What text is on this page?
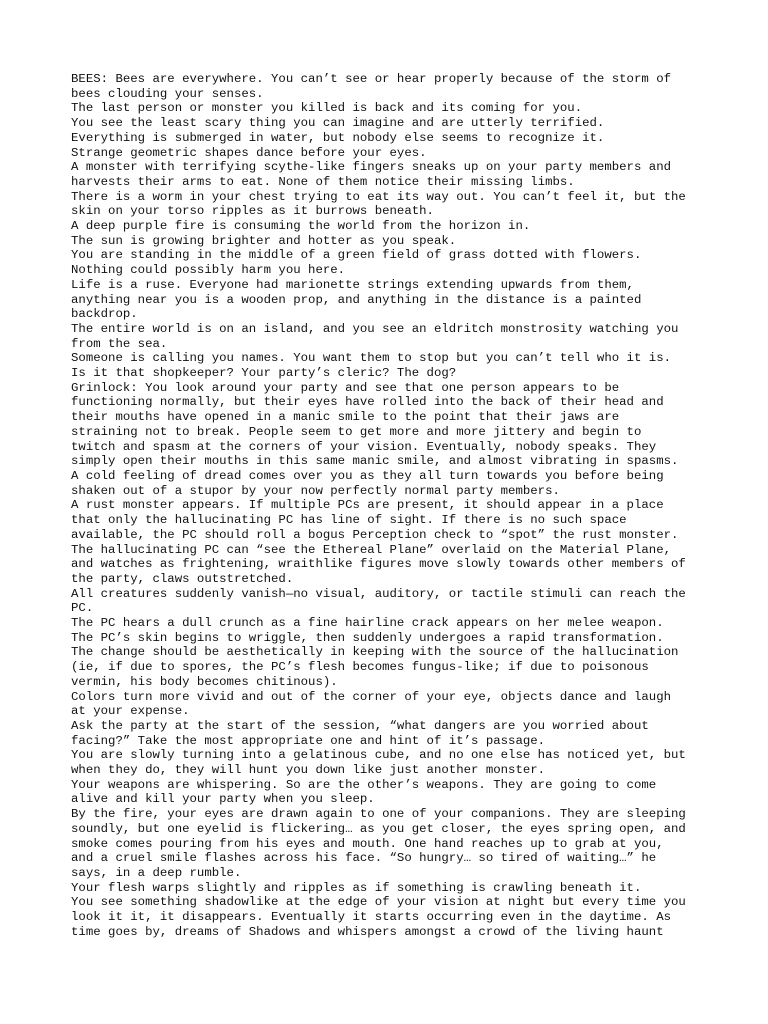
BEES: Bees are everywhere. You can’t see or hear properly because of the storm of
bees clouding your senses.

The last person or monster you killed is back and its coming for you.

You see the least scary thing you can imagine and are utterly terrified.

Everything is submerged in water, but nobody else seems to recognize it.

Strange geometric shapes dance before your eyes.

A monster with terrifying scythe-like fingers sneaks up on your party members and
harvests their arms to eat. None of them notice their missing limbs.

There is a worm in your chest trying to eat its way out. You can’t feel it, but the
skin on your torso ripples as it burrows beneath.

A deep purple fire is consuming the world from the horizon in.

The sun is growing brighter and hotter as you speak.

You are standing in the middle of a green field of grass dotted with flowers.
Nothing could possibly harm you here.

Life is a ruse. Everyone had marionette strings extending upwards from them,
anything near you is a wooden prop, and anything in the distance is a painted
backdrop.

The entire world is on an island, and you see an eldritch monstrosity watching you
from the sea.

Someone is calling you names. You want them to stop but you can’t tell who it is.
Is it that shopkeeper? Your party’s cleric? The dog?

Grinlock: You look around your party and see that one person appears to be
functioning normally, but their eyes have rolled into the back of their head and
their mouths have opened in a manic smile to the point that their jaws are
straining not to break. People seem to get more and more jittery and begin to
twitch and spasm at the corners of your vision. Eventually, nobody speaks. They
simply open their mouths in this same manic smile, and almost vibrating in spasms.
A cold feeling of dread comes over you as they all turn towards you before being
shaken out of a stupor by your now perfectly normal party members.

A rust monster appears. If multiple PCs are present, it should appear in a place
that only the hallucinating PC has line of sight. If there is no such space
available, the PC should roll a bogus Perception check to “spot” the rust monster.

The hallucinating PC can “see the Ethereal Plane” overlaid on the Material Plane,
and watches as frightening, wraithlike figures move slowly towards other members of
the party, claws outstretched.

All creatures suddenly vanish—no visual, auditory, or tactile stimuli can reach the
PC.

The PC hears a dull crunch as a fine hairline crack appears on her melee weapon.

The PC’s skin begins to wriggle, then suddenly undergoes a rapid transformation.
The change should be aesthetically in keeping with the source of the hallucination
(ie, if due to spores, the PC’s flesh becomes fungus-like; if due to poisonous
vermin, his body becomes chitinous).

Colors turn more vivid and out of the corner of your eye, objects dance and laugh
at your expense.

Ask the party at the start of the session, “what dangers are you worried about
facing?” Take the most appropriate one and hint of it’s passage.

You are slowly turning into a gelatinous cube, and no one else has noticed yet, but
when they do, they will hunt you down like just another monster.

Your weapons are whispering. So are the other’s weapons. They are going to come
alive and kill your party when you sleep.

By the fire, your eyes are drawn again to one of your companions. They are sleeping
soundly, but one eyelid is flickering… as you get closer, the eyes spring open, and
smoke comes pouring from his eyes and mouth. One hand reaches up to grab at you,
and a cruel smile flashes across his face. “So hungry… so tired of waiting…” he
says, in a deep rumble.

Your flesh warps slightly and ripples as if something is crawling beneath it.

You see something shadowlike at the edge of your vision at night but every time you
look it it, it disappears. Eventually it starts occurring even in the daytime. As
time goes by, dreams of Shadows and whispers amongst a crowd of the living haunt
